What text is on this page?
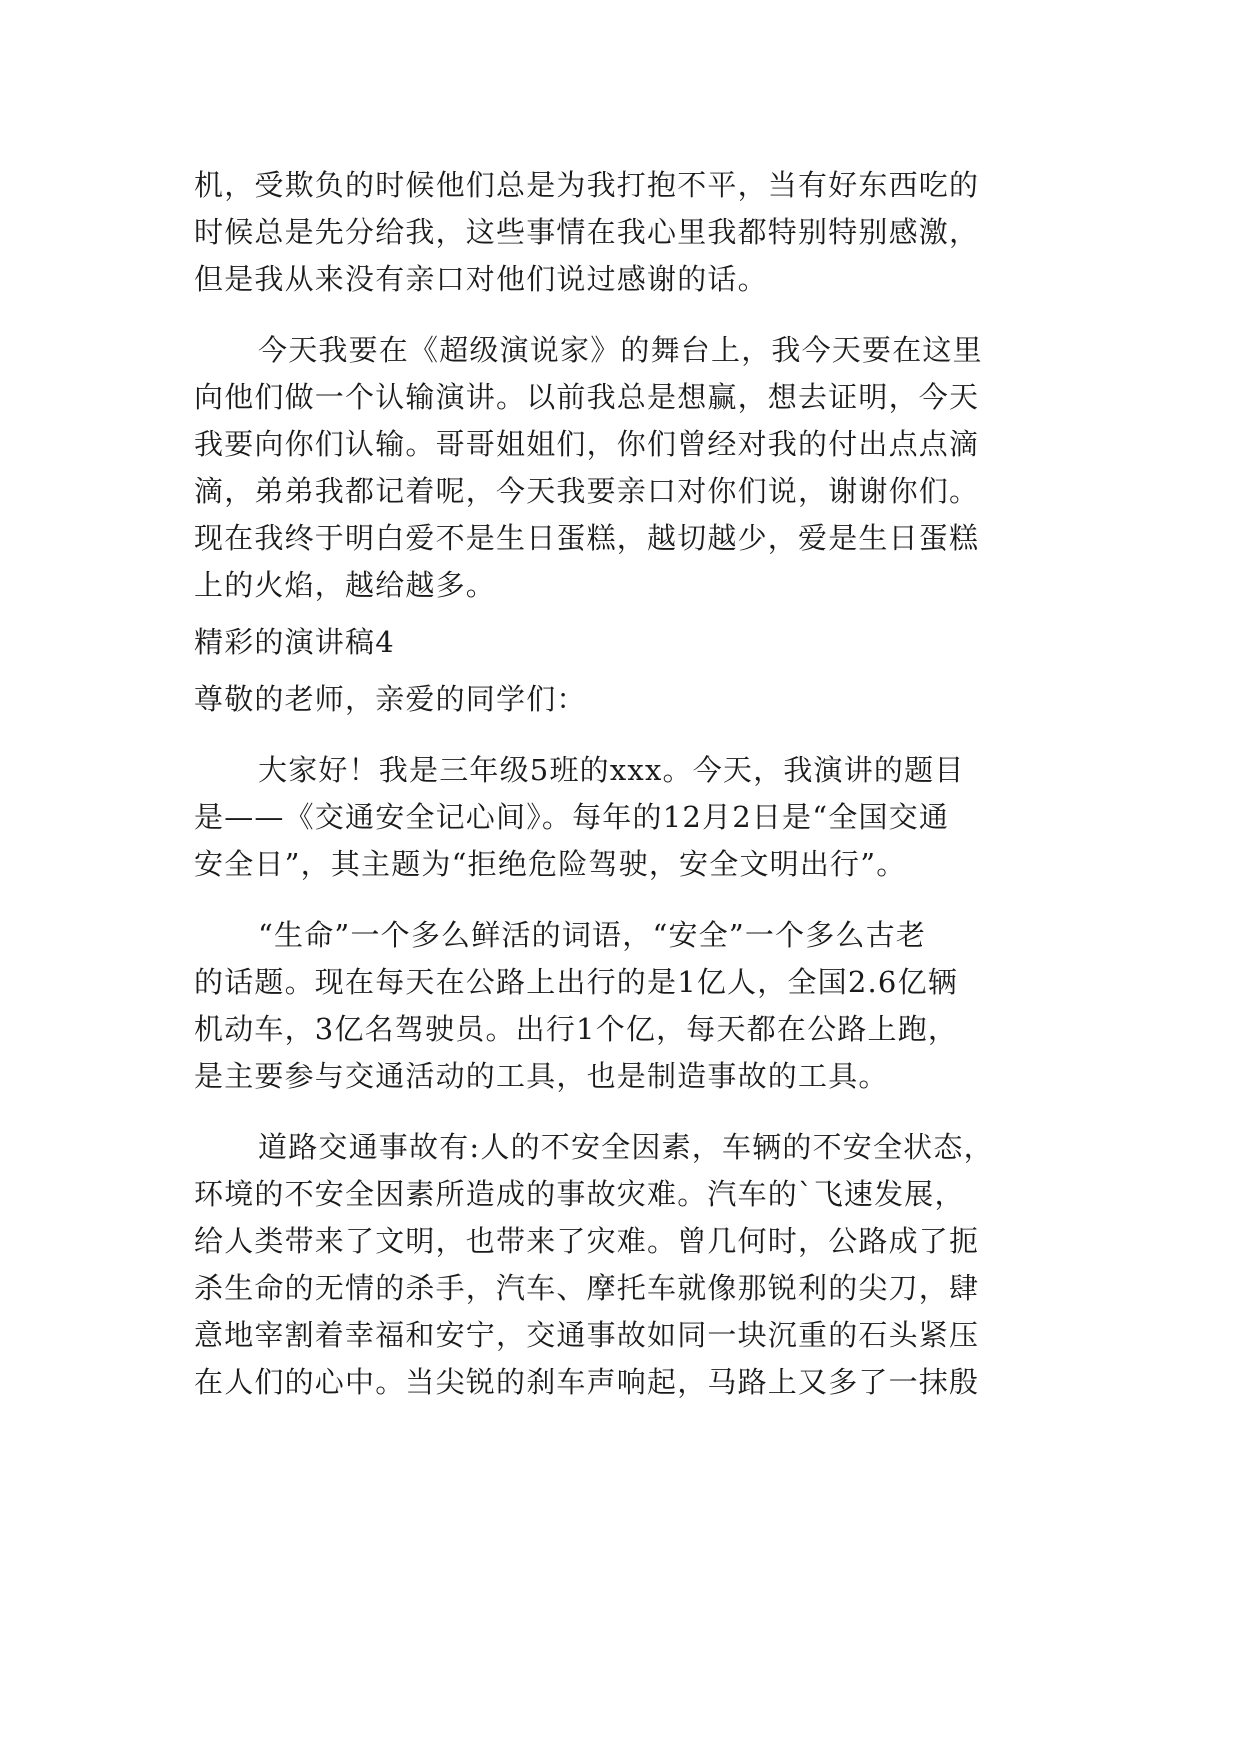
机，受欺负的时候他们总是为我打抱不平，当有好东西吃的
时候总是先分给我，这些事情在我心里我都特别特别感激，
但是我从来没有亲口对他们说过感谢的话。
今天我要在《超级演说家》的舞台上，我今天要在这里
向他们做一个认输演讲。以前我总是想赢，想去证明，今天
我要向你们认输。哥哥姐姐们，你们曾经对我的付出点点滴
滴，弟弟我都记着呢，今天我要亲口对你们说，谢谢你们。
现在我终于明白爱不是生日蛋糕，越切越少，爱是生日蛋糕
上的火焰，越给越多。
精彩的演讲稿4
尊敬的老师，亲爱的同学们：
大家好！我是三年级5班的xxx。今天，我演讲的题目
是——《交通安全记心间》。每年的12月2日是“全国交通
安全日”，其主题为“拒绝危险驾驶，安全文明出行”。
“生命”一个多么鲜活的词语，“安全”一个多么古老
的话题。现在每天在公路上出行的是1亿人，全国2.6亿辆
机动车，3亿名驾驶员。出行1个亿，每天都在公路上跑，
是主要参与交通活动的工具，也是制造事故的工具。
道路交通事故有:人的不安全因素，车辆的不安全状态，
环境的不安全因素所造成的事故灾难。汽车的`飞速发展，
给人类带来了文明，也带来了灾难。曾几何时，公路成了扼
杀生命的无情的杀手，汽车、摩托车就像那锐利的尖刀，肆
意地宰割着幸福和安宁，交通事故如同一块沉重的石头紧压
在人们的心中。当尖锐的刹车声响起，马路上又多了一抹殷
